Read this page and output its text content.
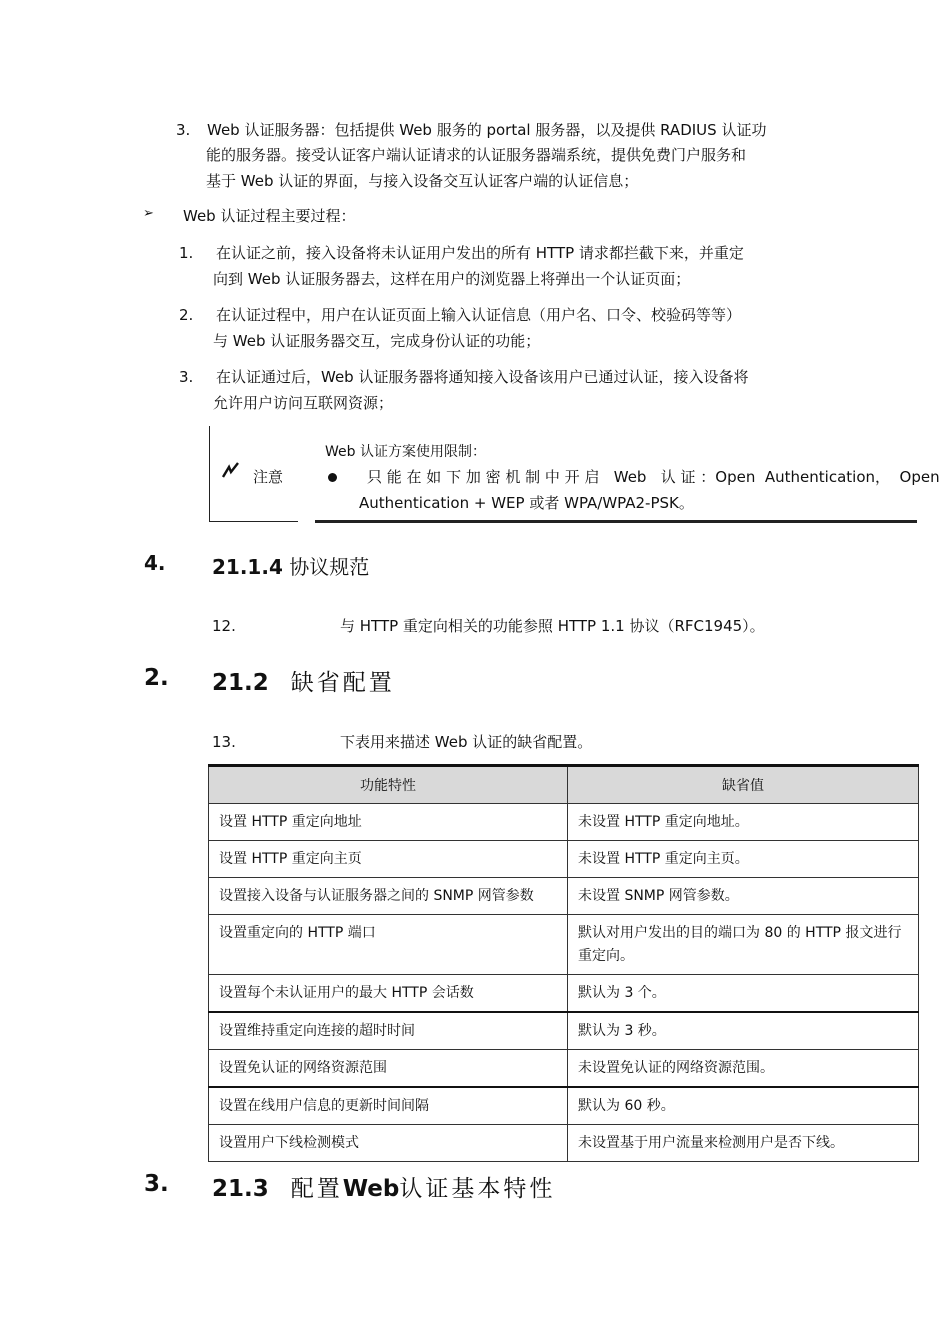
3. Web 认证服务器：包括提供 Web 服务的 portal 服务器，以及提供 RADIUS 认证功
能的服务器。接受认证客户端认证请求的认证服务器端系统，提供免费门户服务和
基于 Web 认证的界面，与接入设备交互认证客户端的认证信息；
➢ Web 认证过程主要过程：
1. 在认证之前，接入设备将未认证用户发出的所有 HTTP 请求都拦截下来，并重定
向到 Web 认证服务器去，这样在用户的浏览器上将弹出一个认证页面；
2. 在认证过程中，用户在认证页面上输入认证信息（用户名、口令、校验码等等）
与 Web 认证服务器交互，完成身份认证的功能；
3. 在认证通过后，Web 认证服务器将通知接入设备该用户已通过认证，接入设备将
允许用户访问互联网资源；
注意
Web 认证方案使用限制：
只 能 在 如 下 加 密 机 制 中 开 启   Web   认 证 ：Open  Authentication，  Open
Authentication + WEP 或者 WPA/WPA2-PSK。
4. 21.1.4 协议规范
12.	与 HTTP 重定向相关的功能参照 HTTP 1.1 协议（RFC1945）。
2. 21.2 缺省配置
13.	下表用来描述 Web 认证的缺省配置。
功能特性	缺省值
设置 HTTP 重定向地址	未设置 HTTP 重定向地址。
设置 HTTP 重定向主页	未设置 HTTP 重定向主页。
设置接入设备与认证服务器之间的 SNMP 网管参数	未设置 SNMP 网管参数。
设置重定向的 HTTP 端口	默认对用户发出的目的端口为 80 的 HTTP 报文进行重定向。
设置每个未认证用户的最大 HTTP 会话数	默认为 3 个。
设置维持重定向连接的超时时间	默认为 3 秒。
设置免认证的网络资源范围	未设置免认证的网络资源范围。
设置在线用户信息的更新时间间隔	默认为 60 秒。
设置用户下线检测模式	未设置基于用户流量来检测用户是否下线。
3. 21.3 配置Web认证基本特性
